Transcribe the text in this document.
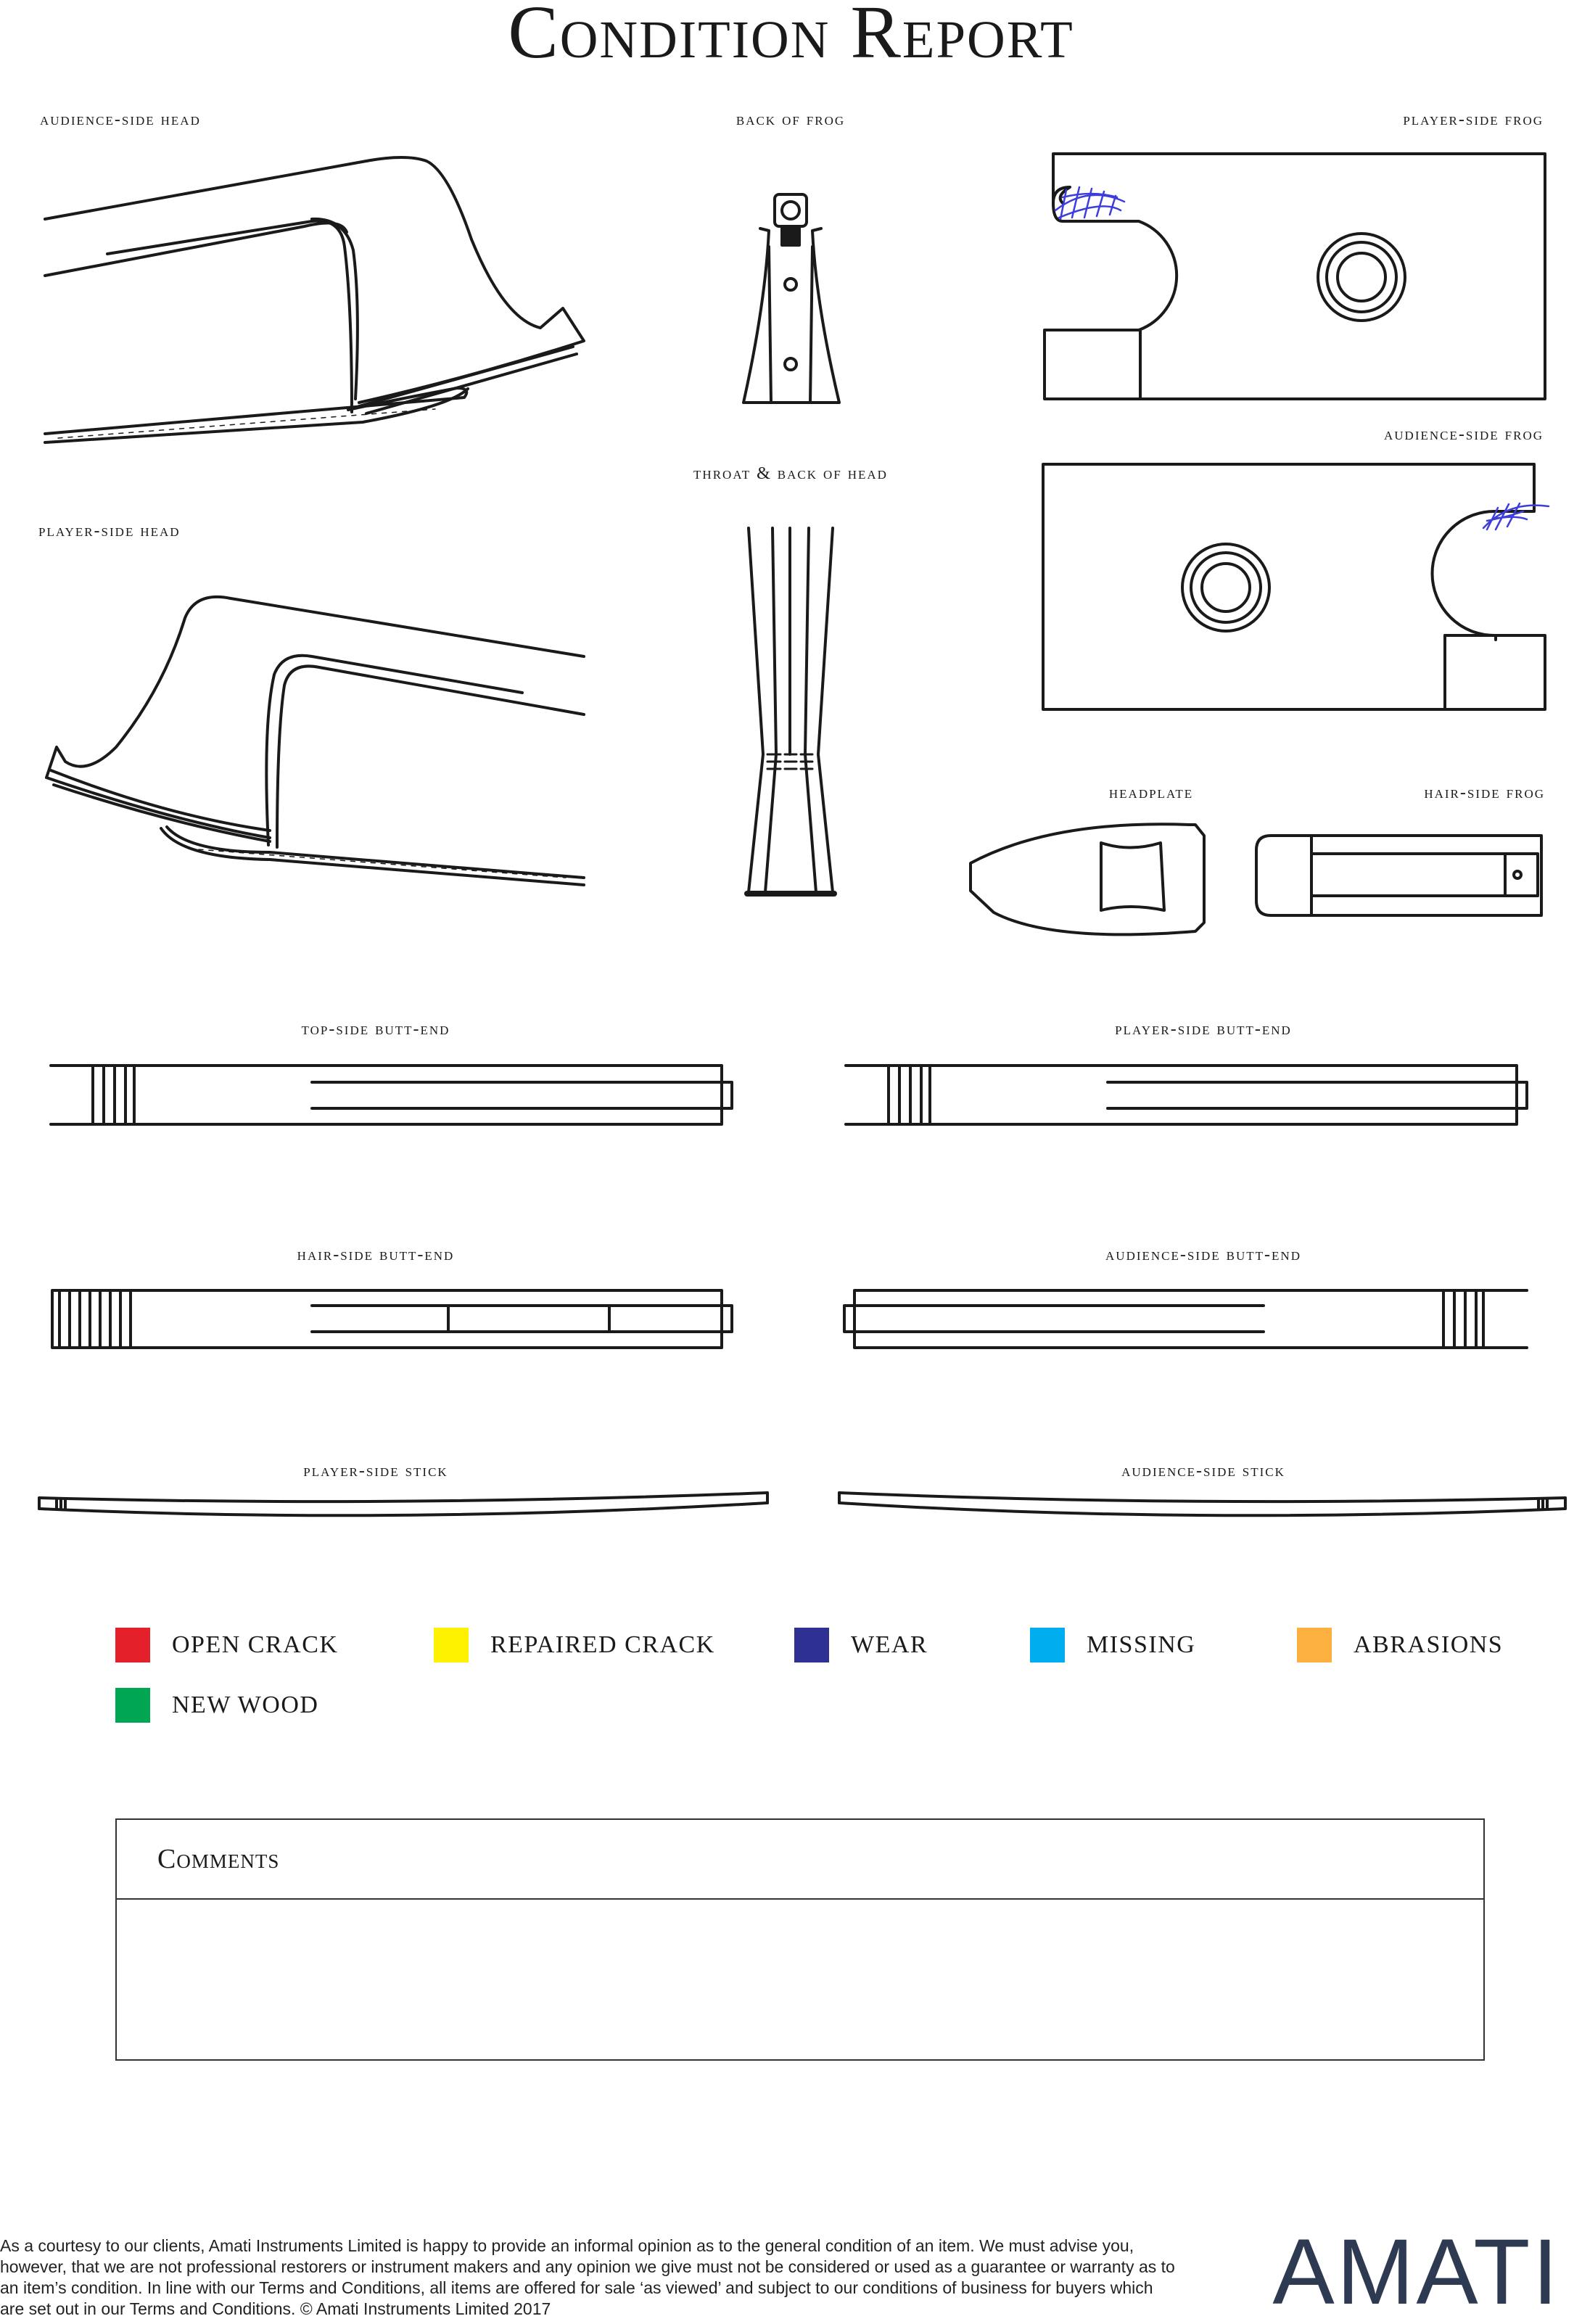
Condition Report
audience-side head	back of frog	player-side frog
audience-side frog
throat & back of head
player-side head
headplate	hair-side frog
top-side butt-end	player-side butt-end
hair-side butt-end	audience-side butt-end
player-side stick	audience-side stick
OPEN CRACK	REPAIRED CRACK	WEAR	MISSING	ABRASIONS
NEW WOOD
Comments
As a courtesy to our clients, Amati Instruments Limited is happy to provide an informal opinion as to the general condition of an item. We must advise you, however, that we are not professional restorers or instrument makers and any opinion we give must not be considered or used as a guarantee or warranty as to an item’s condition. In line with our Terms and Conditions, all items are offered for sale ‘as viewed’ and subject to our conditions of business for buyers which are set out in our Terms and Conditions. © Amati Instruments Limited 2017	AMATI
